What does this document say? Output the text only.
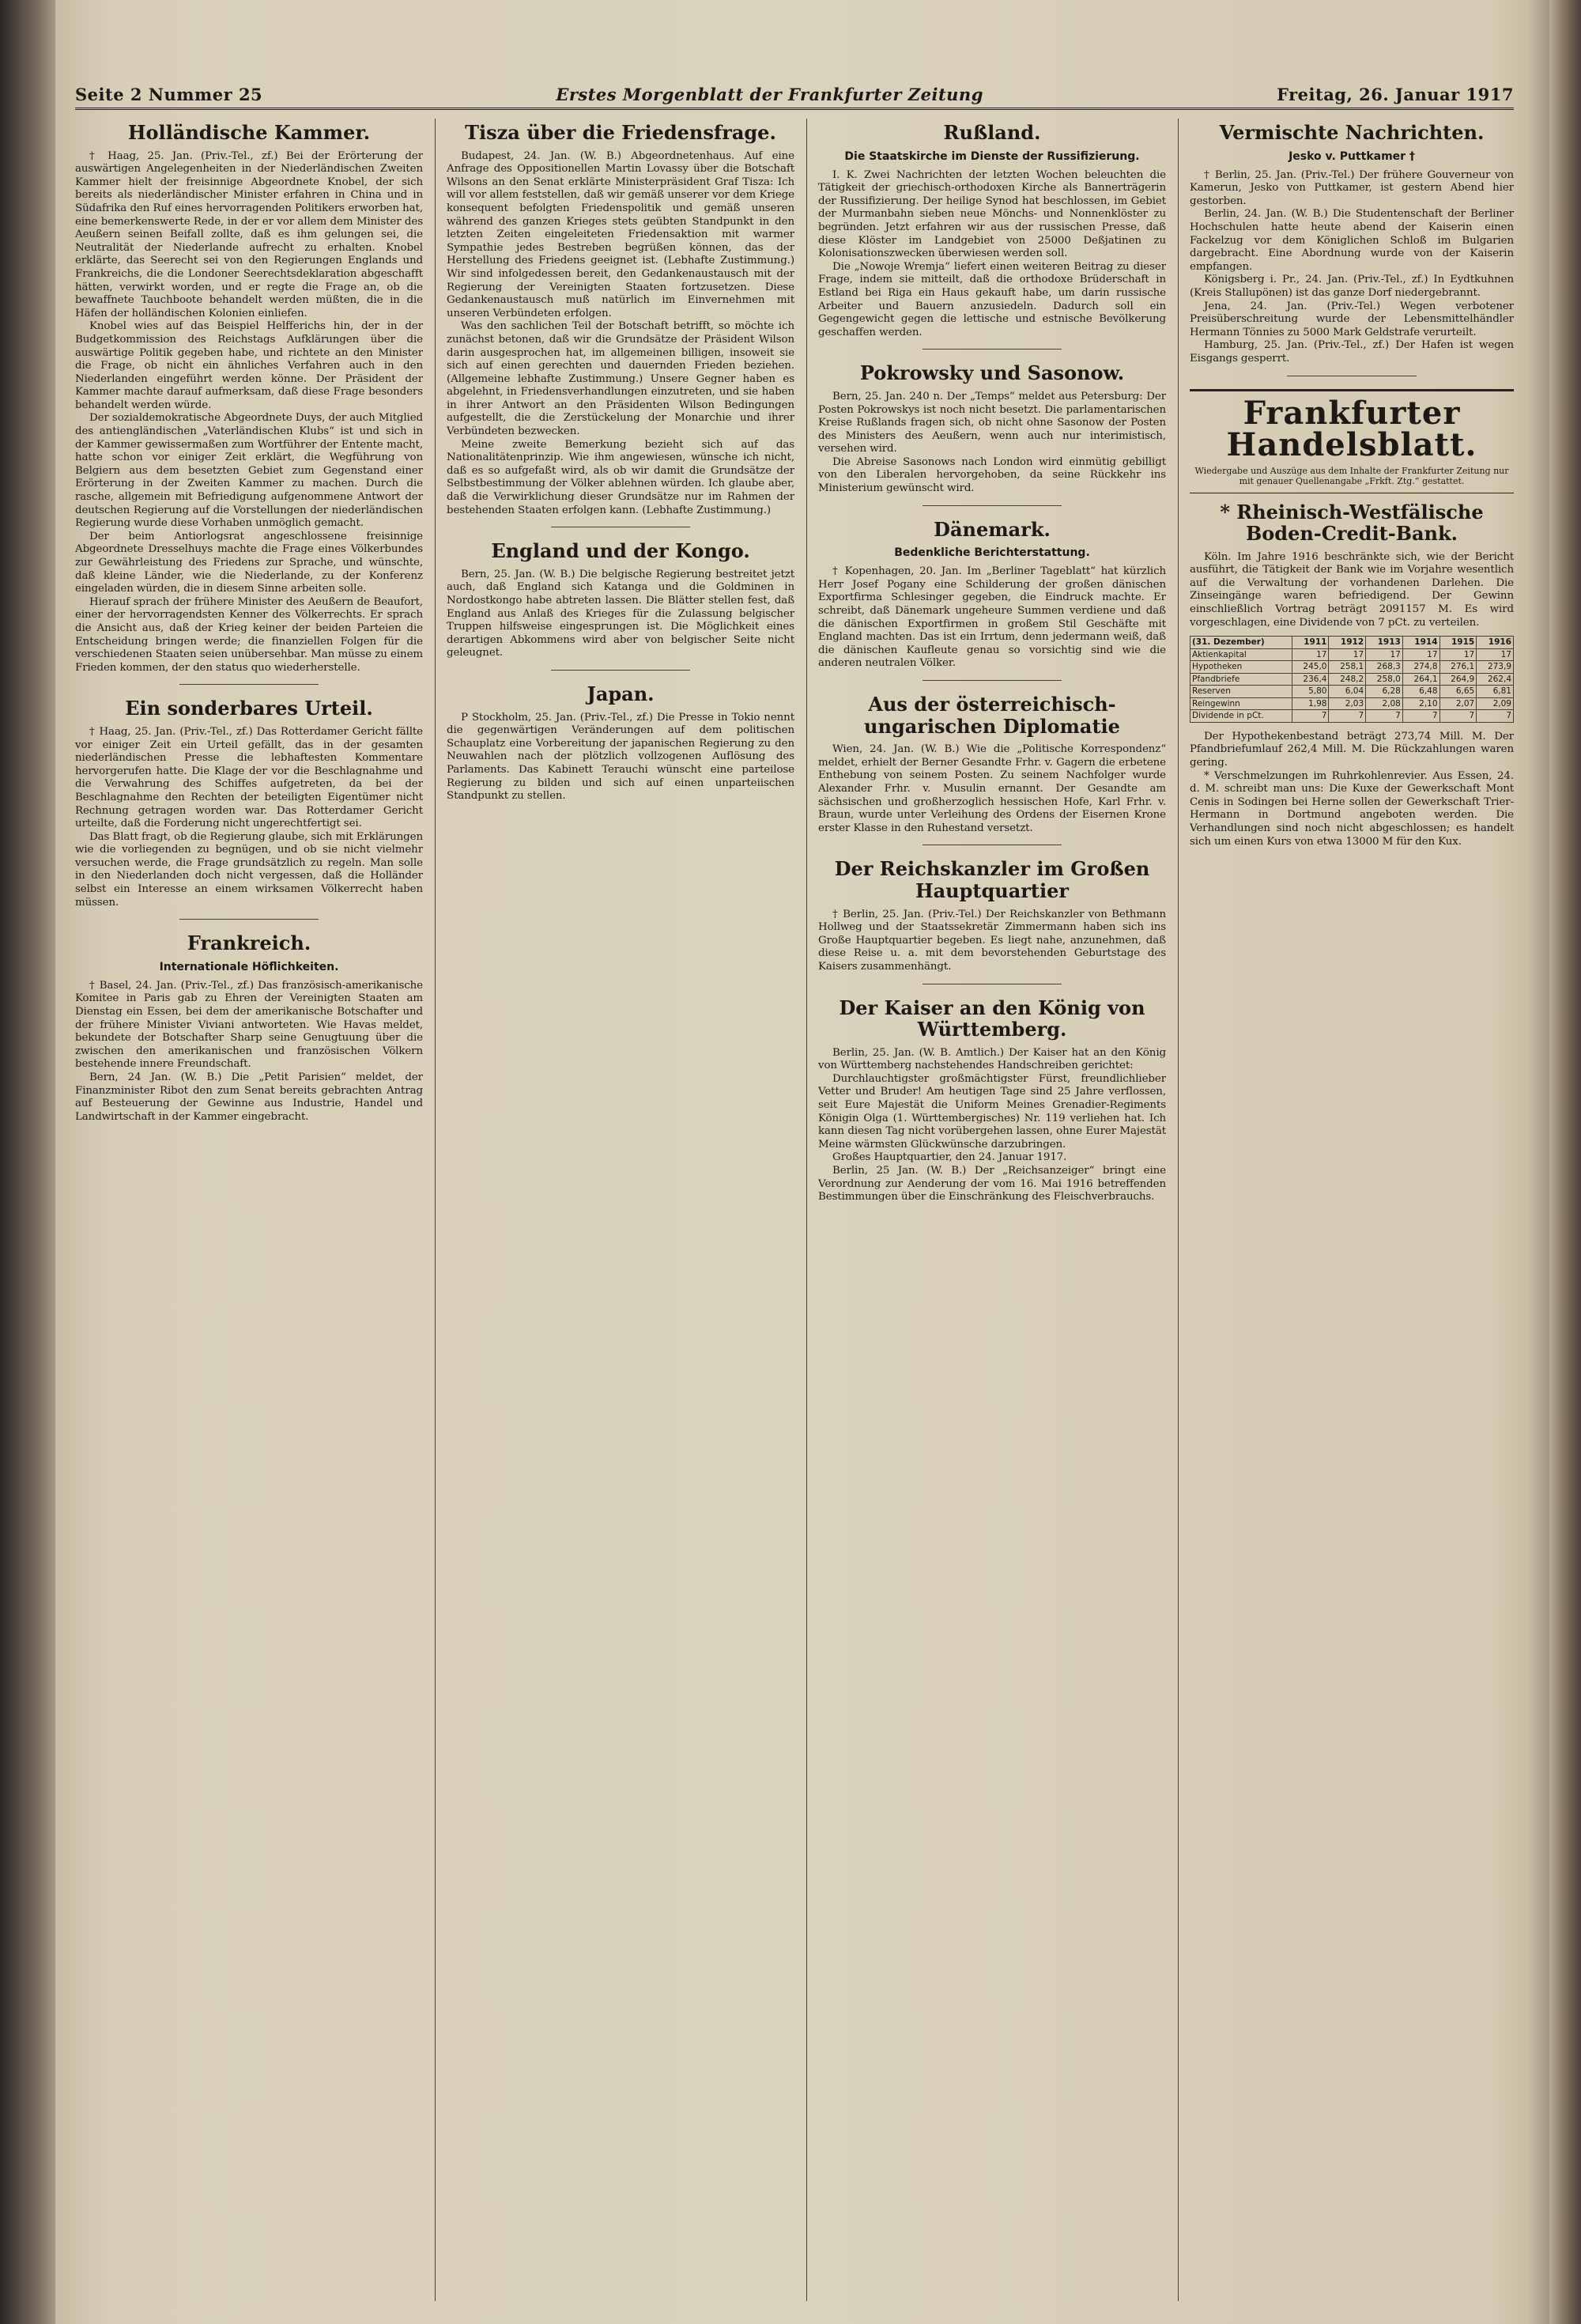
Seite 2 Nummer 25	Erstes Morgenblatt der Frankfurter Zeitung	Freitag, 26. Januar 1917
Holländische Kammer.

† Haag, 25. Jan. (Priv.-Tel., zf.) Bei der Erörterung der auswärtigen Angelegenheiten in der Niederländischen Zweiten Kammer hielt der freisinnige Abgeordnete Knobel, der sich bereits als niederländischer Minister erfahren in China und in Südafrika den Ruf eines hervorragenden Politikers erworben hat, eine bemerkenswerte Rede, in der er vor allem dem Minister des Aeußern seinen Beifall zollte, daß es ihm gelungen sei, die Neutralität der Niederlande aufrecht zu erhalten. Knobel erklärte, das Seerecht sei von den Regierungen Englands und Frankreichs, die die Londoner Seerechtsdeklaration abgeschafft hätten, verwirkt worden, und er regte die Frage an, ob die bewaffnete Tauchboote behandelt werden müßten, die in die Häfen der holländischen Kolonien einliefen.

Knobel wies auf das Beispiel Helfferichs hin, der in der Budgetkommission des Reichstags Aufklärungen über die auswärtige Politik gegeben habe, und richtete an den Minister die Frage, ob nicht ein ähnliches Verfahren auch in den Niederlanden eingeführt werden könne. Der Präsident der Kammer machte darauf aufmerksam, daß diese Frage besonders behandelt werden würde.

Der sozialdemokratische Abgeordnete Duys, der auch Mitglied des antiengländischen „Vaterländischen Klubs“ ist und sich in der Kammer gewissermaßen zum Wortführer der Entente macht, hatte schon vor einiger Zeit erklärt, die Wegführung von Belgiern aus dem besetzten Gebiet zum Gegenstand einer Erörterung in der Zweiten Kammer zu machen. Durch die rasche, allgemein mit Befriedigung aufgenommene Antwort der deutschen Regierung auf die Vorstellungen der niederländischen Regierung wurde diese Vorhaben unmöglich gemacht.

Der beim Antiorlogsrat angeschlossene freisinnige Abgeordnete Dresselhuys machte die Frage eines Völkerbundes zur Gewährleistung des Friedens zur Sprache, und wünschte, daß kleine Länder, wie die Niederlande, zu der Konferenz eingeladen würden, die in diesem Sinne arbeiten solle.

Hierauf sprach der frühere Minister des Aeußern de Beaufort, einer der hervorragendsten Kenner des Völkerrechts. Er sprach die Ansicht aus, daß der Krieg keiner der beiden Parteien die Entscheidung bringen werde; die finanziellen Folgen für die verschiedenen Staaten seien unübersehbar. Man müsse zu einem Frieden kommen, der den status quo wiederherstelle.

Ein sonderbares Urteil.

† Haag, 25. Jan. (Priv.-Tel., zf.) Das Rotterdamer Gericht fällte vor einiger Zeit ein Urteil gefällt, das in der gesamten niederländischen Presse die lebhaftesten Kommentare hervorgerufen hatte. Die Klage der vor die Beschlagnahme und die Verwahrung des Schiffes aufgetreten, da bei der Beschlagnahme den Rechten der beteiligten Eigentümer nicht Rechnung getragen worden war. Das Rotterdamer Gericht urteilte, daß die Forderung nicht ungerechtfertigt sei.

Das Blatt fragt, ob die Regierung glaube, sich mit Erklärungen wie die vorliegenden zu begnügen, und ob sie nicht vielmehr versuchen werde, die Frage grundsätzlich zu regeln. Man solle in den Niederlanden doch nicht vergessen, daß die Holländer selbst ein Interesse an einem wirksamen Völkerrecht haben müssen.

Frankreich.
Internationale Höflichkeiten.

† Basel, 24. Jan. (Priv.-Tel., zf.) Das französisch-amerikanische Komitee in Paris gab zu Ehren der Vereinigten Staaten am Dienstag ein Essen, bei dem der amerikanische Botschafter und der frühere Minister Viviani antworteten. Wie Havas meldet, bekundete der Botschafter Sharp seine Genugtuung über die zwischen den amerikanischen und französischen Völkern bestehende innere Freundschaft.

Bern, 24 Jan. (W. B.) Die „Petit Parisien“ meldet, der Finanzminister Ribot den zum Senat bereits gebrachten Antrag auf Besteuerung der Gewinne aus Industrie, Handel und Landwirtschaft in der Kammer eingebracht.

Tisza über die Friedensfrage.

Budapest, 24. Jan. (W. B.) Abgeordnetenhaus. Auf eine Anfrage des Oppositionellen Martin Lovassy über die Botschaft Wilsons an den Senat erklärte Ministerpräsident Graf Tisza: Ich will vor allem feststellen, daß wir gemäß unserer vor dem Kriege konsequent befolgten Friedenspolitik und gemäß unseren während des ganzen Krieges stets geübten Standpunkt in den letzten Zeiten eingeleiteten Friedensaktion mit warmer Sympathie jedes Bestreben begrüßen können, das der Herstellung des Friedens geeignet ist. (Lebhafte Zustimmung.) Wir sind infolgedessen bereit, den Gedankenaustausch mit der Regierung der Vereinigten Staaten fortzusetzen. Diese Gedankenaustausch muß natürlich im Einvernehmen mit unseren Verbündeten erfolgen.

Was den sachlichen Teil der Botschaft betrifft, so möchte ich zunächst betonen, daß wir die Grundsätze der Präsident Wilson darin ausgesprochen hat, im allgemeinen billigen, insoweit sie sich auf einen gerechten und dauernden Frieden beziehen. (Allgemeine lebhafte Zustimmung.) Unsere Gegner haben es abgelehnt, in Friedensverhandlungen einzutreten, und sie haben in ihrer Antwort an den Präsidenten Wilson Bedingungen aufgestellt, die die Zerstückelung der Monarchie und ihrer Verbündeten bezwecken.

Meine zweite Bemerkung bezieht sich auf das Nationalitätenprinzip. Wie ihm angewiesen, wünsche ich nicht, daß es so aufgefaßt wird, als ob wir damit die Grundsätze der Selbstbestimmung der Völker ablehnen würden. Ich glaube aber, daß die Verwirklichung dieser Grundsätze nur im Rahmen der bestehenden Staaten erfolgen kann. (Lebhafte Zustimmung.)

England und der Kongo.

Bern, 25. Jan. (W. B.) Die belgische Regierung bestreitet jetzt auch, daß England sich Katanga und die Goldminen in Nordostkongo habe abtreten lassen. Die Blätter stellen fest, daß England aus Anlaß des Krieges für die Zulassung belgischer Truppen hilfsweise eingesprungen ist. Die Möglichkeit eines derartigen Abkommens wird aber von belgischer Seite nicht geleugnet.

Japan.

P Stockholm, 25. Jan. (Priv.-Tel., zf.) Die Presse in Tokio nennt die gegenwärtigen Veränderungen auf dem politischen Schauplatz eine Vorbereitung der japanischen Regierung zu den Neuwahlen nach der plötzlich vollzogenen Auflösung des Parlaments. Das Kabinett Terauchi wünscht eine parteilose Regierung zu bilden und sich auf einen unparteiischen Standpunkt zu stellen.

Rußland.
Die Staatskirche im Dienste der Russifizierung.

I. K. Zwei Nachrichten der letzten Wochen beleuchten die Tätigkeit der griechisch-orthodoxen Kirche als Bannerträgerin der Russifizierung. Der heilige Synod hat beschlossen, im Gebiet der Murmanbahn sieben neue Mönchs- und Nonnenklöster zu begründen. Jetzt erfahren wir aus der russischen Presse, daß diese Klöster im Landgebiet von 25000 Deßjatinen zu Kolonisationszwecken überwiesen werden soll.

Die „Nowoje Wremja“ liefert einen weiteren Beitrag zu dieser Frage, indem sie mitteilt, daß die orthodoxe Brüderschaft in Estland bei Riga ein Haus gekauft habe, um darin russische Arbeiter und Bauern anzusiedeln. Dadurch soll ein Gegengewicht gegen die lettische und estnische Bevölkerung geschaffen werden.

Pokrowsky und Sasonow.

Bern, 25. Jan. 240 n. Der „Temps“ meldet aus Petersburg: Der Posten Pokrowskys ist noch nicht besetzt. Die parlamentarischen Kreise Rußlands fragen sich, ob nicht ohne Sasonow der Posten des Ministers des Aeußern, wenn auch nur interimistisch, versehen wird.

Die Abreise Sasonows nach London wird einmütig gebilligt von den Liberalen hervorgehoben, da seine Rückkehr ins Ministerium gewünscht wird.

Dänemark.
Bedenkliche Berichterstattung.

† Kopenhagen, 20. Jan. Im „Berliner Tageblatt“ hat kürzlich Herr Josef Pogany eine Schilderung der großen dänischen Exportfirma Schlesinger gegeben, die Eindruck machte. Er schreibt, daß Dänemark ungeheure Summen verdiene und daß die dänischen Exportfirmen in großem Stil Geschäfte mit England machten. Das ist ein Irrtum, denn jedermann weiß, daß die dänischen Kaufleute genau so vorsichtig sind wie die anderen neutralen Völker.

Aus der österreichisch-ungarischen Diplomatie

Wien, 24. Jan. (W. B.) Wie die „Politische Korrespondenz“ meldet, erhielt der Berner Gesandte Frhr. v. Gagern die erbetene Enthebung von seinem Posten. Zu seinem Nachfolger wurde Alexander Frhr. v. Musulin ernannt. Der Gesandte am sächsischen und großherzoglich hessischen Hofe, Karl Frhr. v. Braun, wurde unter Verleihung des Ordens der Eisernen Krone erster Klasse in den Ruhestand versetzt.

Der Reichskanzler im Großen Hauptquartier

† Berlin, 25. Jan. (Priv.-Tel.) Der Reichskanzler von Bethmann Hollweg und der Staatssekretär Zimmermann haben sich ins Große Hauptquartier begeben. Es liegt nahe, anzunehmen, daß diese Reise u. a. mit dem bevorstehenden Geburtstage des Kaisers zusammenhängt.

Der Kaiser an den König von Württemberg.

Berlin, 25. Jan. (W. B. Amtlich.) Der Kaiser hat an den König von Württemberg nachstehendes Handschreiben gerichtet:

Durchlauchtigster großmächtigster Fürst, freundlichlieber Vetter und Bruder! Am heutigen Tage sind 25 Jahre verflossen, seit Eure Majestät die Uniform Meines Grenadier-Regiments Königin Olga (1. Württembergisches) Nr. 119 verliehen hat. Ich kann diesen Tag nicht vorübergehen lassen, ohne Eurer Majestät Meine wärmsten Glückwünsche darzubringen.

Großes Hauptquartier, den 24. Januar 1917.

Berlin, 25 Jan. (W. B.) Der „Reichsanzeiger“ bringt eine Verordnung zur Aenderung der vom 16. Mai 1916 betreffenden Bestimmungen über die Einschränkung des Fleischverbrauchs.

Vermischte Nachrichten.
Jesko v. Puttkamer †

† Berlin, 25. Jan. (Priv.-Tel.) Der frühere Gouverneur von Kamerun, Jesko von Puttkamer, ist gestern Abend hier gestorben.

Berlin, 24. Jan. (W. B.) Die Studentenschaft der Berliner Hochschulen hatte heute abend der Kaiserin einen Fackelzug vor dem Königlichen Schloß im Bulgarien dargebracht. Eine Abordnung wurde von der Kaiserin empfangen.

Königsberg i. Pr., 24. Jan. (Priv.-Tel., zf.) In Eydtkuhnen (Kreis Stallupönen) ist das ganze Dorf niedergebrannt.

Jena, 24. Jan. (Priv.-Tel.) Wegen verbotener Preisüberschreitung wurde der Lebensmittelhändler Hermann Tönnies zu 5000 Mark Geldstrafe verurteilt.

Hamburg, 25. Jan. (Priv.-Tel., zf.) Der Hafen ist wegen Eisgangs gesperrt.

Frankfurter Handelsblatt.
Wiedergabe und Auszüge aus dem Inhalte der Frankfurter Zeitung nur mit genauer Quellenangabe „Frkft. Ztg.“ gestattet.
* Rheinisch-Westfälische Boden-Credit-Bank.

Köln. Im Jahre 1916 beschränkte sich, wie der Bericht ausführt, die Tätigkeit der Bank wie im Vorjahre wesentlich auf die Verwaltung der vorhandenen Darlehen. Die Zinseingänge waren befriedigend. Der Gewinn einschließlich Vortrag beträgt 2091157 M. Es wird vorgeschlagen, eine Dividende von 7 pCt. zu verteilen.

(31. Dezember)	1911	1912	1913	1914	1915	1916
Aktienkapital	17	17	17	17	17	17
Hypotheken	245,0	258,1	268,3	274,8	276,1	273,9
Pfandbriefe	236,4	248,2	258,0	264,1	264,9	262,4
Reserven	5,80	6,04	6,28	6,48	6,65	6,81
Reingewinn	1,98	2,03	2,08	2,10	2,07	2,09
Dividende in pCt.	7	7	7	7	7	7

Der Hypothekenbestand beträgt 273,74 Mill. M. Der Pfandbriefumlauf 262,4 Mill. M. Die Rückzahlungen waren gering.

* Verschmelzungen im Ruhrkohlenrevier. Aus Essen, 24. d. M. schreibt man uns: Die Kuxe der Gewerkschaft Mont Cenis in Sodingen bei Herne sollen der Gewerkschaft Trier-Hermann in Dortmund angeboten werden. Die Verhandlungen sind noch nicht abgeschlossen; es handelt sich um einen Kurs von etwa 13000 M für den Kux.
